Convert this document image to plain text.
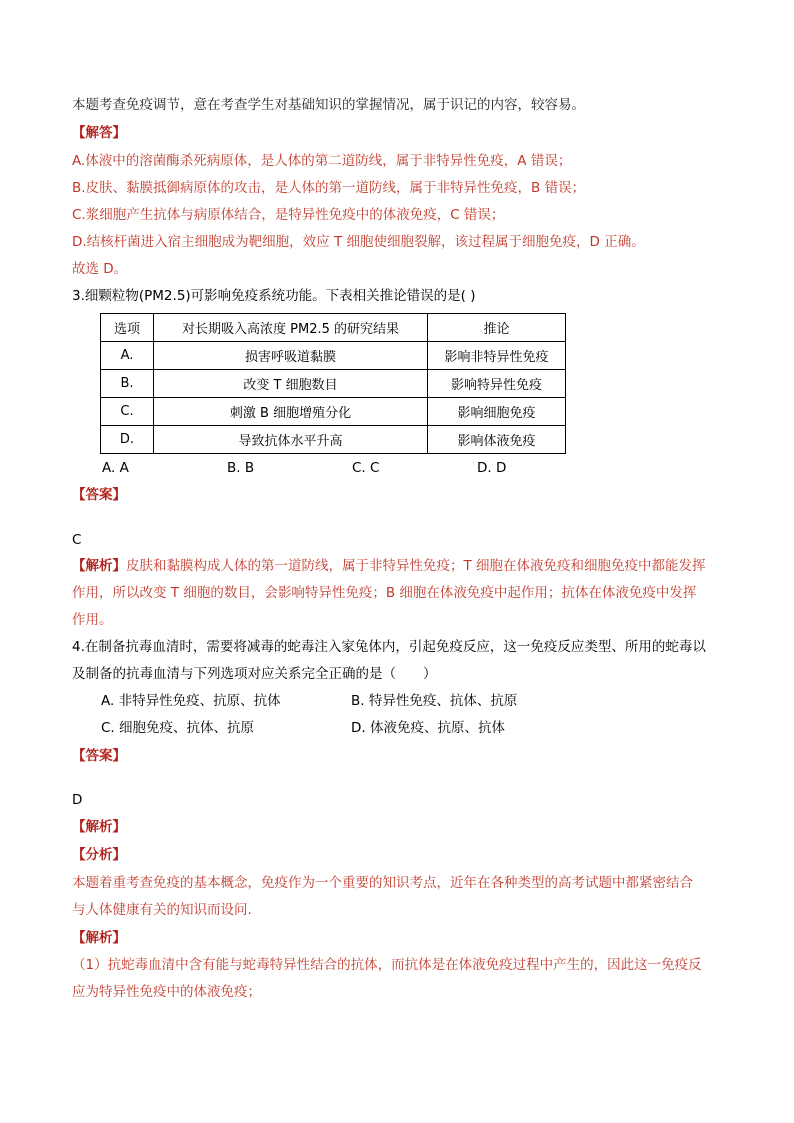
本题考查免疫调节，意在考查学生对基础知识的掌握情况，属于识记的内容，较容易。
【解答】
A.体液中的溶菌酶杀死病原体，是人体的第二道防线，属于非特异性免疫，A 错误；
B.皮肤、黏膜抵御病原体的攻击，是人体的第一道防线，属于非特异性免疫，B 错误；
C.浆细胞产生抗体与病原体结合，是特异性免疫中的体液免疫，C 错误；
D.结核杆菌进入宿主细胞成为靶细胞，效应 T 细胞使细胞裂解，该过程属于细胞免疫，D 正确。
故选 D。
3.细颗粒物(PM2.5)可影响免疫系统功能。下表相关推论错误的是( )
选项	对长期吸入高浓度 PM2.5 的研究结果	推论
A.	损害呼吸道黏膜	影响非特异性免疫
B.	改变 T 细胞数目	影响特异性免疫
C.	刺激 B 细胞增殖分化	影响细胞免疫
D.	导致抗体水平升高	影响体液免疫
A. A	B. B	C. C	D. D
【答案】
C
【解析】皮肤和黏膜构成人体的第一道防线，属于非特异性免疫；T 细胞在体液免疫和细胞免疫中都能发挥
作用，所以改变 T 细胞的数目，会影响特异性免疫；B 细胞在体液免疫中起作用；抗体在体液免疫中发挥
作用。
4.在制备抗毒血清时，需要将减毒的蛇毒注入家兔体内，引起免疫反应，这一免疫反应类型、所用的蛇毒以
及制备的抗毒血清与下列选项对应关系完全正确的是（　　）
A. 非特异性免疫、抗原、抗体	B. 特异性免疫、抗体、抗原
C. 细胞免疫、抗体、抗原	D. 体液免疫、抗原、抗体
【答案】
D
【解析】
【分析】
本题着重考查免疫的基本概念，免疫作为一个重要的知识考点，近年在各种类型的高考试题中都紧密结合
与人体健康有关的知识而设问.
【解析】
（1）抗蛇毒血清中含有能与蛇毒特异性结合的抗体，而抗体是在体液免疫过程中产生的，因此这一免疫反
应为特异性免疫中的体液免疫；
